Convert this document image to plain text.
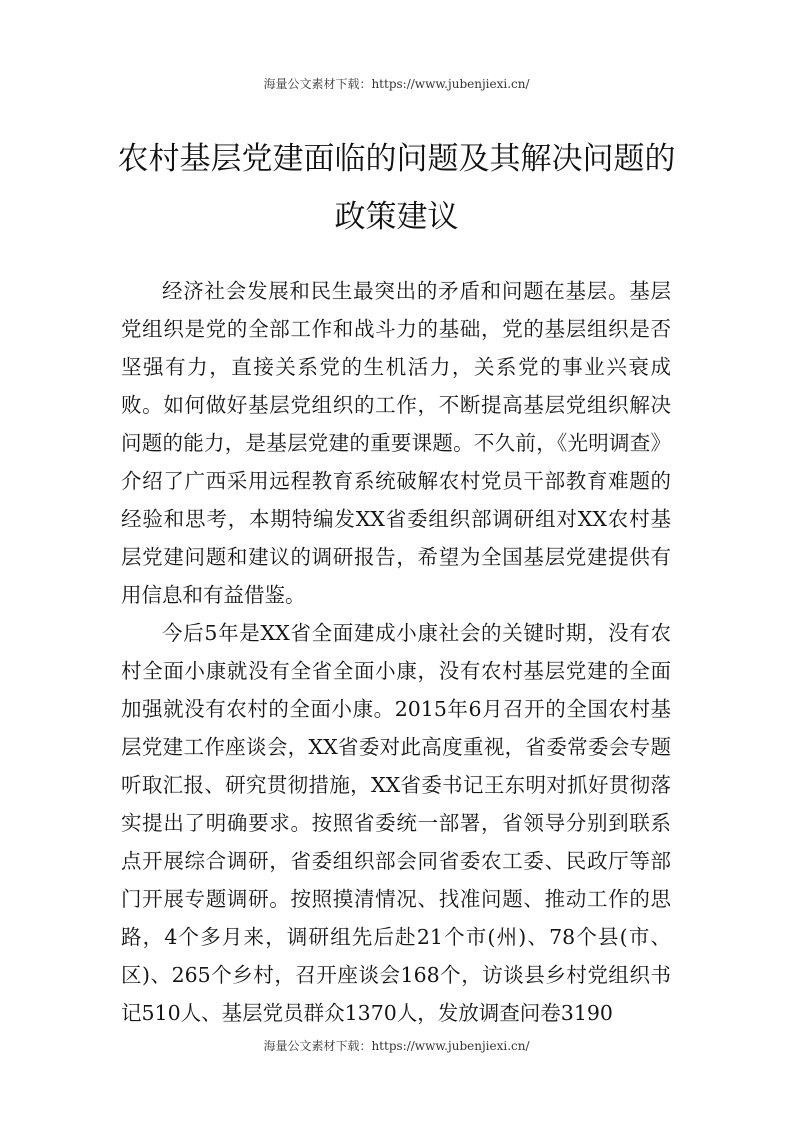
海量公文素材下载：https://www.jubenjiexi.cn/
农村基层党建面临的问题及其解决问题的
政策建议

经济社会发展和民生最突出的矛盾和问题在基层。基层党组织是党的全部工作和战斗力的基础，党的基层组织是否坚强有力，直接关系党的生机活力，关系党的事业兴衰成败。如何做好基层党组织的工作，不断提高基层党组织解决问题的能力，是基层党建的重要课题。不久前，《光明调查》介绍了广西采用远程教育系统破解农村党员干部教育难题的经验和思考，本期特编发XX省委组织部调研组对XX农村基层党建问题和建议的调研报告，希望为全国基层党建提供有用信息和有益借鉴。

今后5年是XX省全面建成小康社会的关键时期，没有农村全面小康就没有全省全面小康，没有农村基层党建的全面加强就没有农村的全面小康。2015年6月召开的全国农村基层党建工作座谈会，XX省委对此高度重视，省委常委会专题听取汇报、研究贯彻措施，XX省委书记王东明对抓好贯彻落实提出了明确要求。按照省委统一部署，省领导分别到联系点开展综合调研，省委组织部会同省委农工委、民政厅等部门开展专题调研。按照摸清情况、找准问题、推动工作的思路，4个多月来，调研组先后赴21个市(州)、78个县(市、区)、265个乡村，召开座谈会168个，访谈县乡村党组织书记510人、基层党员群众1370人，发放调查问卷3190

海量公文素材下载：https://www.jubenjiexi.cn/
